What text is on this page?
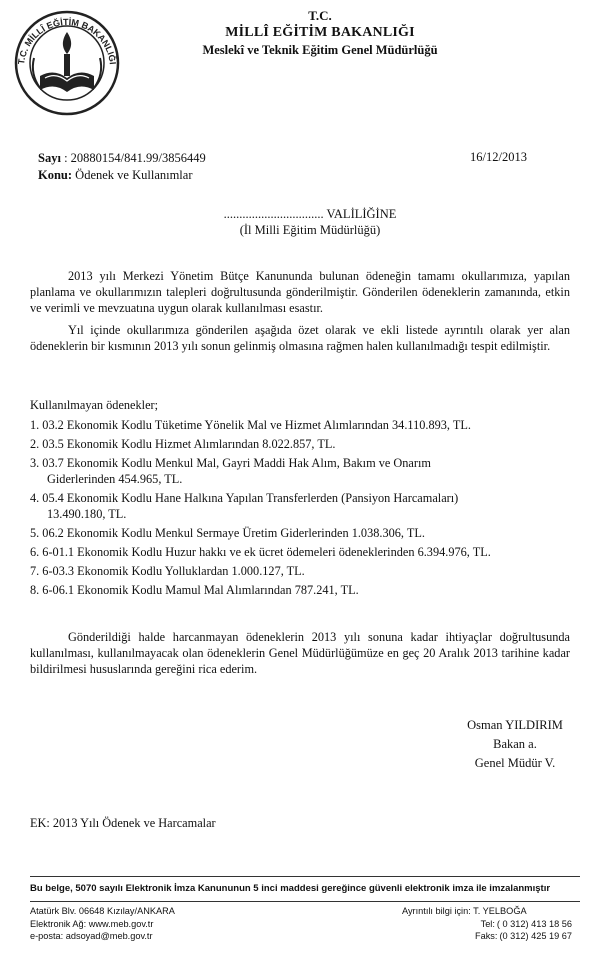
T.C. MİLLÎ EĞİTİM BAKANLIĞI
T.C.
MİLLÎ EĞİTİM BAKANLIĞI
Meslekî ve Teknik Eğitim Genel Müdürlüğü
Sayı : 20880154/841.99/3856449
Konu: Ödenek ve Kullanımlar
16/12/2013
................................ VALİLİĞİNE
(İl Milli Eğitim Müdürlüğü)
2013 yılı Merkezi Yönetim Bütçe Kanununda bulunan ödeneğin tamamı okullarımıza, yapılan planlama ve okullarımızın talepleri doğrultusunda gönderilmiştir. Gönderilen ödeneklerin zamanında, etkin ve verimli ve mevzuatına uygun olarak kullanılması esastır.
Yıl içinde okullarımıza gönderilen aşağıda özet olarak ve ekli listede ayrıntılı olarak yer alan ödeneklerin bir kısmının 2013 yılı sonun gelinmiş olmasına rağmen halen kullanılmadığı tespit edilmiştir.
Kullanılmayan ödenekler;
1. 03.2 Ekonomik Kodlu Tüketime Yönelik Mal ve Hizmet Alımlarından 34.110.893, TL.
2. 03.5 Ekonomik Kodlu Hizmet Alımlarından 8.022.857, TL.
3. 03.7 Ekonomik Kodlu Menkul Mal, Gayri Maddi Hak Alım, Bakım ve Onarım
Giderlerinden 454.965, TL.
4. 05.4 Ekonomik Kodlu Hane Halkına Yapılan Transferlerden (Pansiyon Harcamaları)
13.490.180, TL.
5. 06.2 Ekonomik Kodlu Menkul Sermaye Üretim Giderlerinden 1.038.306, TL.
6. 6-01.1 Ekonomik Kodlu Huzur hakkı ve ek ücret ödemeleri ödeneklerinden 6.394.976, TL.
7. 6-03.3 Ekonomik Kodlu Yolluklardan 1.000.127, TL.
8. 6-06.1 Ekonomik Kodlu Mamul Mal Alımlarından 787.241, TL.
Gönderildiği halde harcanmayan ödeneklerin 2013 yılı sonuna kadar ihtiyaçlar doğrultusunda kullanılması, kullanılmayacak olan ödeneklerin Genel Müdürlüğümüze en geç 20 Aralık 2013 tarihine kadar bildirilmesi hususlarında gereğini rica ederim.
Osman YILDIRIM
Bakan a.
Genel Müdür V.
EK: 2013 Yılı Ödenek ve Harcamalar
Bu belge, 5070 sayılı Elektronik İmza Kanununun 5 inci maddesi gereğince güvenli elektronik imza ile imzalanmıştır
Atatürk Blv. 06648 Kızılay/ANKARA
Elektronik Ağ: www.meb.gov.tr
e-posta: adsoyad@meb.gov.tr
Ayrıntılı bilgi için: T. YELBOĞA
Tel: ( 0 312) 413 18 56
Faks: (0 312) 425 19 67
